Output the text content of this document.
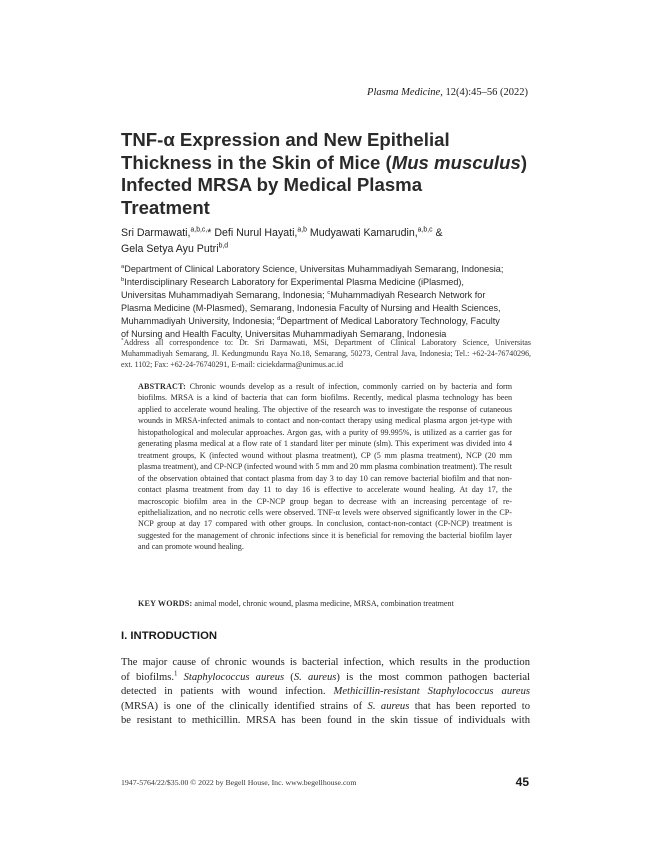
Plasma Medicine, 12(4):45–56 (2022)
TNF-α Expression and New Epithelial
Thickness in the Skin of Mice (Mus musculus)
Infected MRSA by Medical Plasma
Treatment
Sri Darmawati,$^{a,b,c,}$* Defi Nurul Hayati,$^{a,b}$ Mudyawati Kamarudin,$^{a,b,c}$ &
Gela Setya Ayu Putri$^{b,d}$
$^a$Department of Clinical Laboratory Science, Universitas Muhammadiyah Semarang, Indonesia;
$^b$Interdisciplinary Research Laboratory for Experimental Plasma Medicine (iPlasmed),
Universitas Muhammadiyah Semarang, Indonesia; $^c$Muhammadiyah Research Network for
Plasma Medicine (M-Plasmed), Semarang, Indonesia Faculty of Nursing and Health Sciences,
Muhammadiyah University, Indonesia; $^d$Department of Medical Laboratory Technology, Faculty
of Nursing and Health Faculty, Universitas Muhammadiyah Semarang, Indonesia
*Address all correspondence to: Dr. Sri Darmawati, MSi, Department of Clinical Laboratory Science, Universitas Muhammadiyah Semarang, Jl. Kedungmundu Raya No.18, Semarang, 50273, Central Java, Indonesia; Tel.: +62-24-76740296, ext. 1102; Fax: +62-24-76740291, E-mail: ciciekdarma@unimus.ac.id
ABSTRACT: Chronic wounds develop as a result of infection, commonly carried on by bacteria and form biofilms. MRSA is a kind of bacteria that can form biofilms. Recently, medical plasma technology has been applied to accelerate wound healing. The objective of the research was to investigate the response of cutaneous wounds in MRSA-infected animals to contact and non-contact therapy using medical plasma argon jet-type with histopathological and molecular approaches. Argon gas, with a purity of 99.995%, is utilized as a carrier gas for generating plasma medical at a flow rate of 1 standard liter per minute (slm). This experiment was divided into 4 treatment groups, K (infected wound without plasma treatment), CP (5 mm plasma treatment), NCP (20 mm plasma treatment), and CP-NCP (infected wound with 5 mm and 20 mm plasma combination treatment). The result of the observation obtained that contact plasma from day 3 to day 10 can remove bacterial biofilm and that non-contact plasma treatment from day 11 to day 16 is effective to accelerate wound healing. At day 17, the macroscopic biofilm area in the CP-NCP group began to decrease with an increasing percentage of re-epithelialization, and no necrotic cells were observed. TNF-α levels were observed significantly lower in the CP-NCP group at day 17 compared with other groups. In conclusion, contact-non-contact (CP-NCP) treatment is suggested for the management of chronic infections since it is beneficial for removing the bacterial biofilm layer and can promote wound healing.
KEY WORDS: animal model, chronic wound, plasma medicine, MRSA, combination treatment
I. INTRODUCTION
The major cause of chronic wounds is bacterial infection, which results in the production
of biofilms.$^1$ Staphylococcus aureus (S. aureus) is the most common pathogen bacterial
detected in patients with wound infection. Methicillin-resistant Staphylococcus aureus
(MRSA) is one of the clinically identified strains of S. aureus that has been reported to
be resistant to methicillin. MRSA has been found in the skin tissue of individuals with
1947-5764/22/$35.00 © 2022 by Begell House, Inc. www.begellhouse.com	45
